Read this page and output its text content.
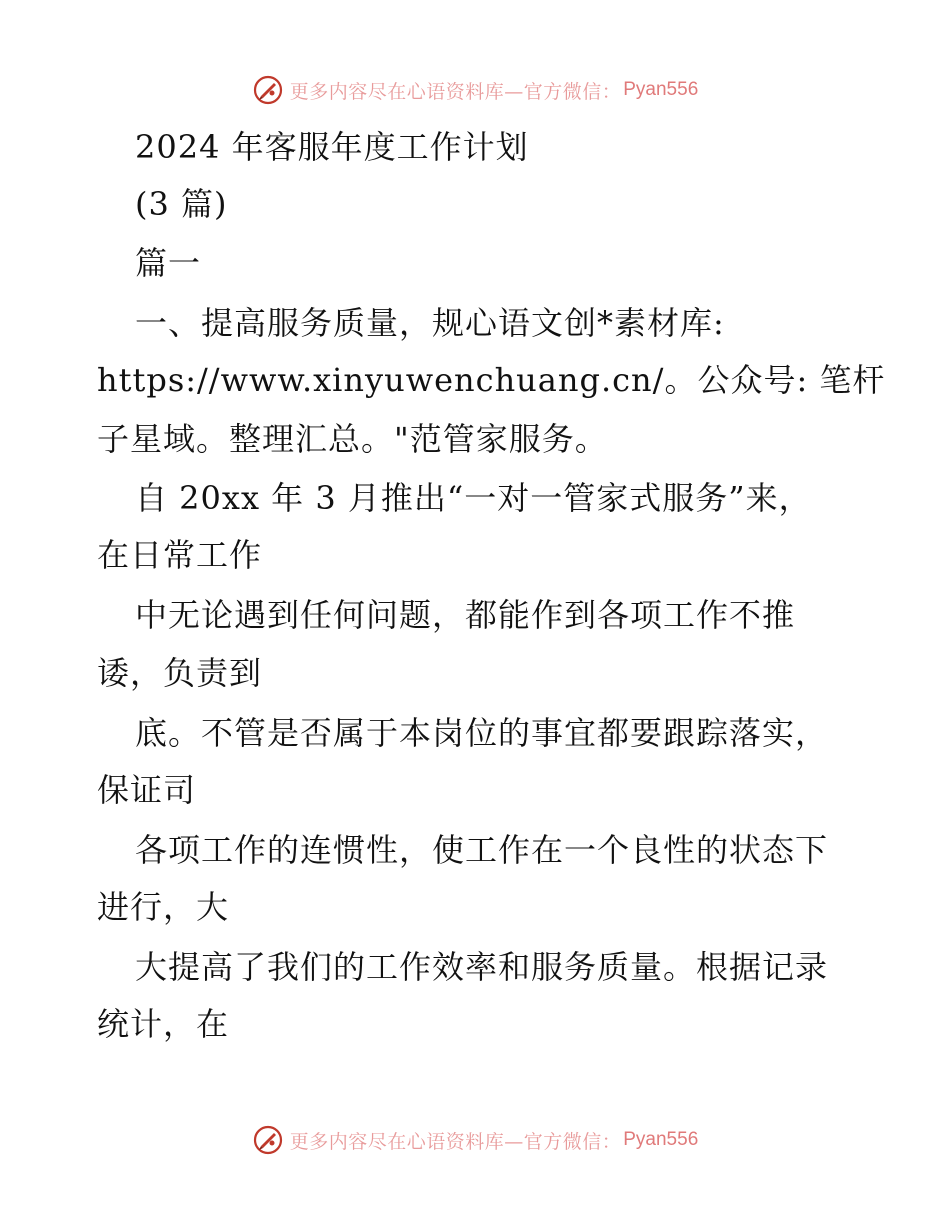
更多内容尽在心语资料库—官方微信： Pyan556
2024 年客服年度工作计划
(3 篇)
篇一
一、提高服务质量，规心语文创*素材库:
https://www.xinyuwenchuang.cn/。公众号: 笔杆
子星域。整理汇总。"范管家服务。
自 20xx 年 3 月推出“一对一管家式服务”来，
在日常工作
中无论遇到任何问题，都能作到各项工作不推
诿，负责到
底。不管是否属于本岗位的事宜都要跟踪落实，
保证司
各项工作的连惯性，使工作在一个良性的状态下
进行，大
大提高了我们的工作效率和服务质量。根据记录
统计，在
更多内容尽在心语资料库—官方微信： Pyan556
